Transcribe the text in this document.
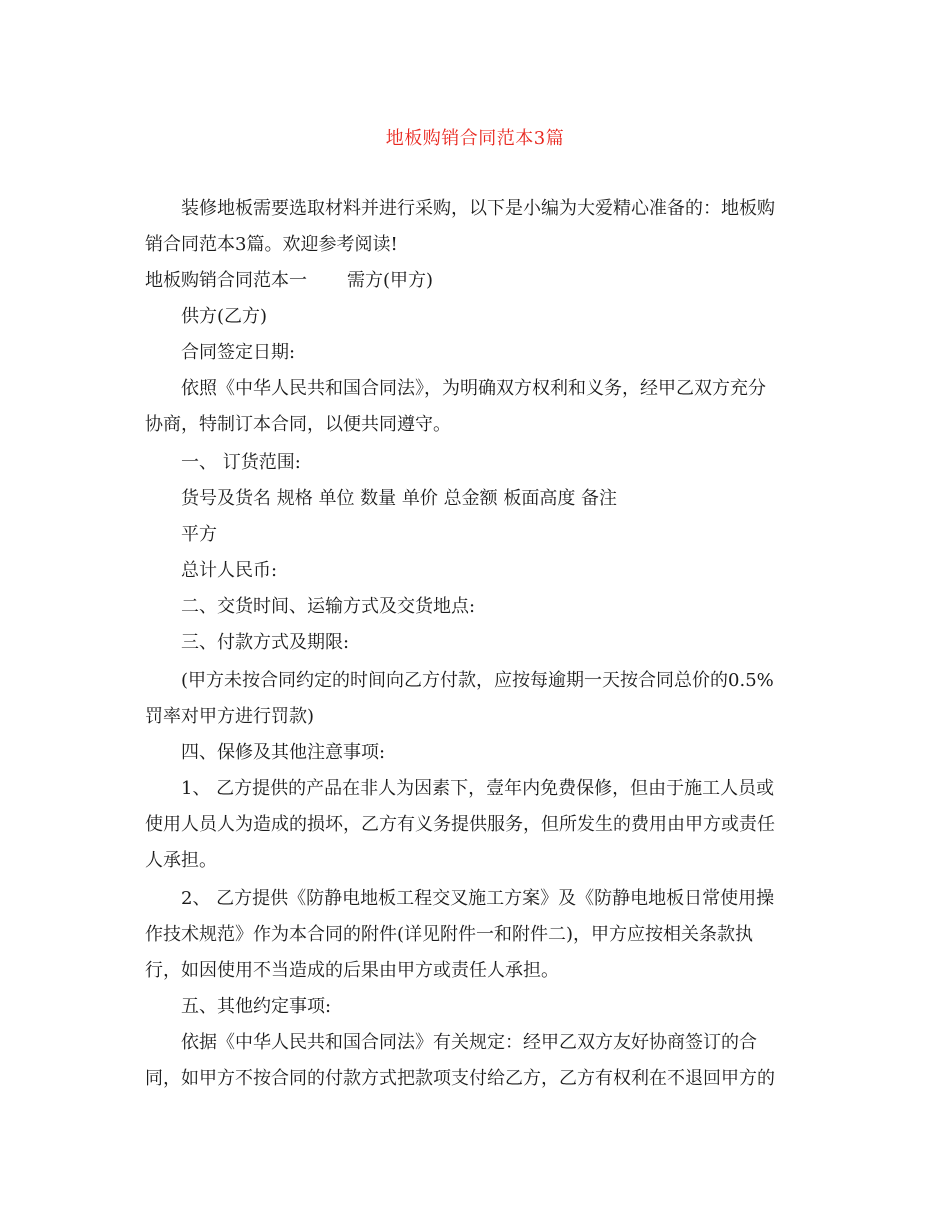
地板购销合同范本3篇
装修地板需要选取材料并进行采购，以下是小编为大爱精心准备的：地板购
销合同范本3篇。欢迎参考阅读!
地板购销合同范本一 需方(甲方)
供方(乙方)
合同签定日期:
依照《中华人民共和国合同法》，为明确双方权利和义务，经甲乙双方充分
协商，特制订本合同，以便共同遵守。
一、 订货范围:
货号及货名 规格 单位 数量 单价 总金额 板面高度 备注
平方
总计人民币:
二、交货时间、运输方式及交货地点:
三、付款方式及期限:
(甲方未按合同约定的时间向乙方付款，应按每逾期一天按合同总价的0.5%
罚率对甲方进行罚款)
四、保修及其他注意事项:
1、 乙方提供的产品在非人为因素下，壹年内免费保修，但由于施工人员或
使用人员人为造成的损坏，乙方有义务提供服务，但所发生的费用由甲方或责任
人承担。
2、 乙方提供《防静电地板工程交叉施工方案》及《防静电地板日常使用操
作技术规范》作为本合同的附件(详见附件一和附件二)，甲方应按相关条款执
行，如因使用不当造成的后果由甲方或责任人承担。
五、其他约定事项:
依据《中华人民共和国合同法》有关规定：经甲乙双方友好协商签订的合
同，如甲方不按合同的付款方式把款项支付给乙方，乙方有权利在不退回甲方的
